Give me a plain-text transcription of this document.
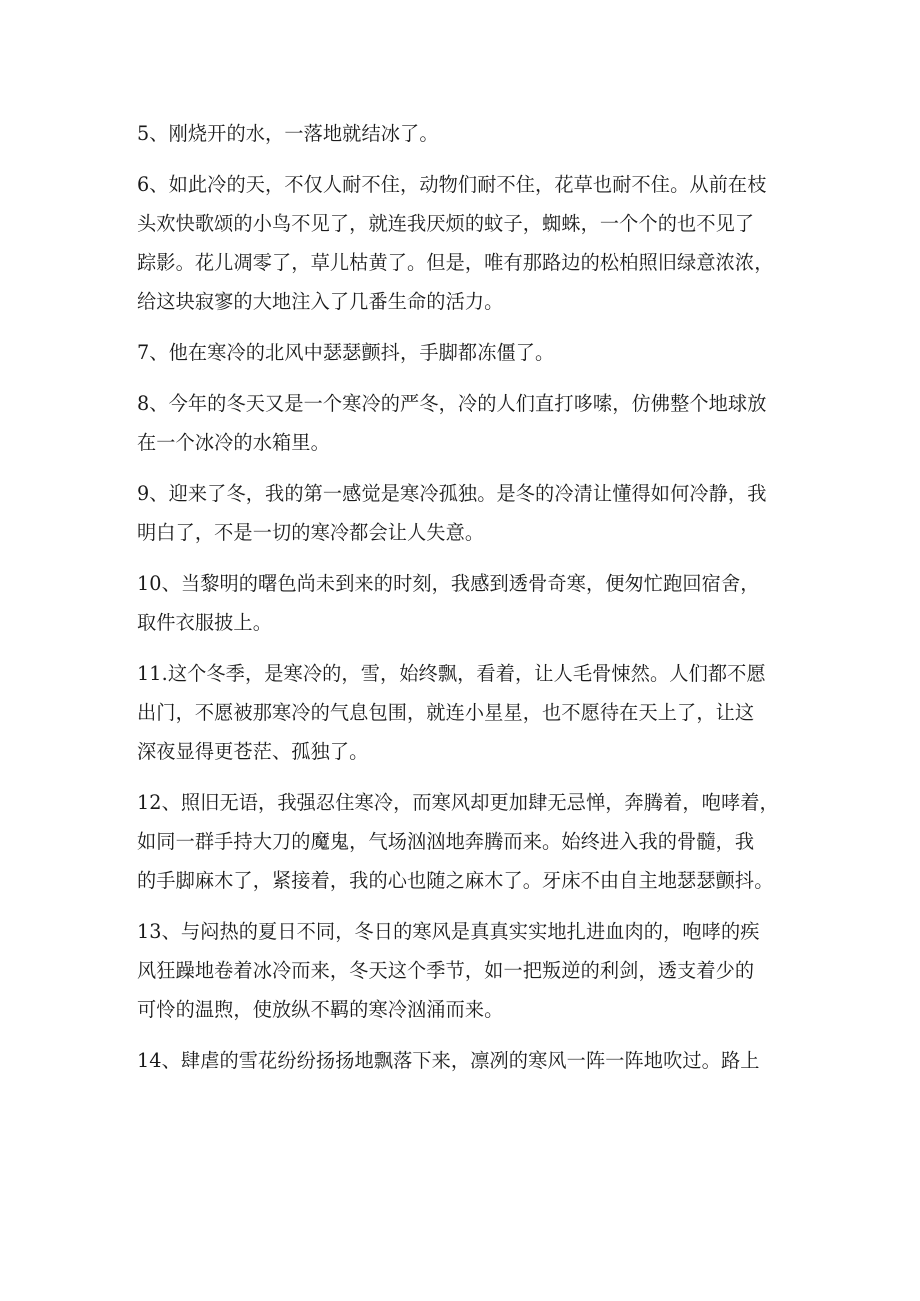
5、刚烧开的水，一落地就结冰了。

6、如此冷的天，不仅人耐不住，动物们耐不住，花草也耐不住。从前在枝
头欢快歌颂的小鸟不见了，就连我厌烦的蚊子，蜘蛛，一个个的也不见了
踪影。花儿凋零了，草儿枯黄了。但是，唯有那路边的松柏照旧绿意浓浓，
给这块寂寥的大地注入了几番生命的活力。

7、他在寒冷的北风中瑟瑟颤抖，手脚都冻僵了。

8、今年的冬天又是一个寒冷的严冬，冷的人们直打哆嗦，仿佛整个地球放
在一个冰冷的水箱里。

9、迎来了冬，我的第一感觉是寒冷孤独。是冬的冷清让懂得如何冷静，我
明白了，不是一切的寒冷都会让人失意。

10、当黎明的曙色尚未到来的时刻，我感到透骨奇寒，便匆忙跑回宿舍，
取件衣服披上。

11.这个冬季，是寒冷的，雪，始终飘，看着，让人毛骨悚然。人们都不愿
出门，不愿被那寒冷的气息包围，就连小星星，也不愿待在天上了，让这
深夜显得更苍茫、孤独了。

12、照旧无语，我强忍住寒冷，而寒风却更加肆无忌惮，奔腾着，咆哮着，
如同一群手持大刀的魔鬼，气场汹汹地奔腾而来。始终进入我的骨髓，我
的手脚麻木了，紧接着，我的心也随之麻木了。牙床不由自主地瑟瑟颤抖。

13、与闷热的夏日不同，冬日的寒风是真真实实地扎进血肉的，咆哮的疾
风狂躁地卷着冰冷而来，冬天这个季节，如一把叛逆的利剑，透支着少的
可怜的温煦，使放纵不羁的寒冷汹涌而来。

14、肆虐的雪花纷纷扬扬地飘落下来，凛冽的寒风一阵一阵地吹过。路上
